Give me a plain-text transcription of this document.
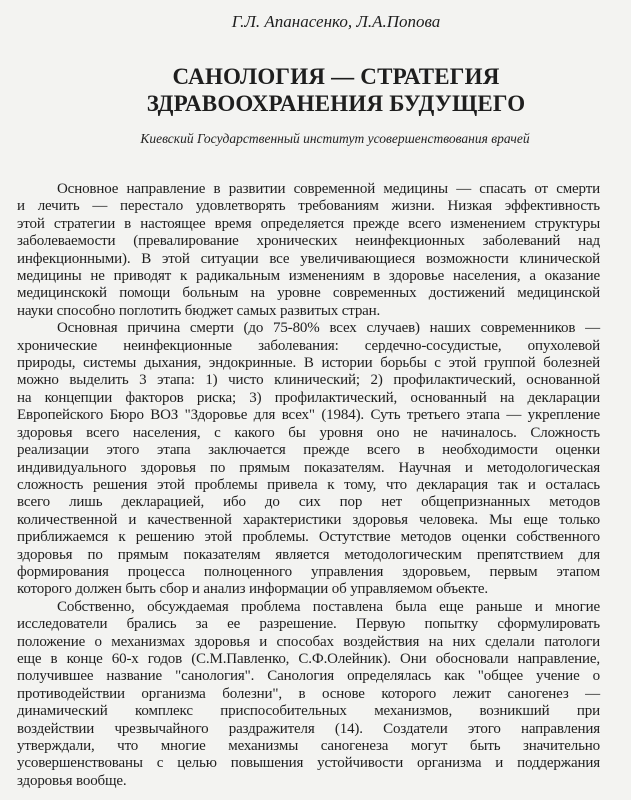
Г.Л. Апанасенко, Л.А.Попова
САНОЛОГИЯ — СТРАТЕГИЯ
ЗДРАВООХРАНЕНИЯ БУДУЩЕГО
Киевский Государственный институт усовершенствования врачей
Основное направление в развитии современной медицины — спасать от смерти
и лечить — перестало удовлетворять требованиям жизни. Низкая эффективность
этой стратегии в настоящее время определяется прежде всего изменением структуры
заболеваемости (превалирование хронических неинфекционных заболеваний над
инфекционными). В этой ситуации все увеличивающиеся возможности клинической
медицины не приводят к радикальным изменениям в здоровье населения, а оказание
медицинскокй помощи больным на уровне современных достижений медицинской
науки способно поглотить бюджет самых развитых стран.
Основная причина смерти (до 75-80% всех случаев) наших современников —
хронические неинфекционные заболевания: сердечно-сосудистые, опухолевой
природы, системы дыхания, эндокринные. В истории борьбы с этой группой болезней
можно выделить 3 этапа: 1) чисто клинический; 2) профилактический, основанной
на концепции факторов риска; 3) профилактический, основанный на декларации
Европейского Бюро ВОЗ "Здоровье для всех" (1984). Суть третьего этапа — укрепление
здоровья всего населения, с какого бы уровня оно не начиналось. Сложность
реализации этого этапа заключается прежде всего в необходимости оценки
индивидуального здоровья по прямым показателям. Научная и методологическая
сложность решения этой проблемы привела к тому, что декларация так и осталась
всего лишь декларацией, ибо до сих пор нет общепризнанных методов
количественной и качественной характеристики здоровья человека. Мы еще только
приближаемся к решению этой проблемы. Остутствие методов оценки собственного
здоровья по прямым показателям является методологическим препятствием для
формирования процесса полноценного управления здоровьем, первым этапом
которого должен быть сбор и анализ информации об управляемом объекте.
Собственно, обсуждаемая проблема поставлена была еще раньше и многие
исследователи брались за ее разрешение. Первую попытку сформулировать
положение о механизмах здоровья и способах воздействия на них сделали патологи
еще в конце 60-х годов (С.М.Павленко, С.Ф.Олейник). Они обосновали направление,
получившее название "санология". Санология определялась как "общее учение о
противодействии организма болезни", в основе которого лежит саногенез —
динамический комплекс приспособительных механизмов, возникший при
воздействии чрезвычайного раздражителя (14). Создатели этого направления
утверждали, что многие механизмы саногенеза могут быть значительно
усовершенствованы с целью повышения устойчивости организма и поддержания
здоровья вообще.
